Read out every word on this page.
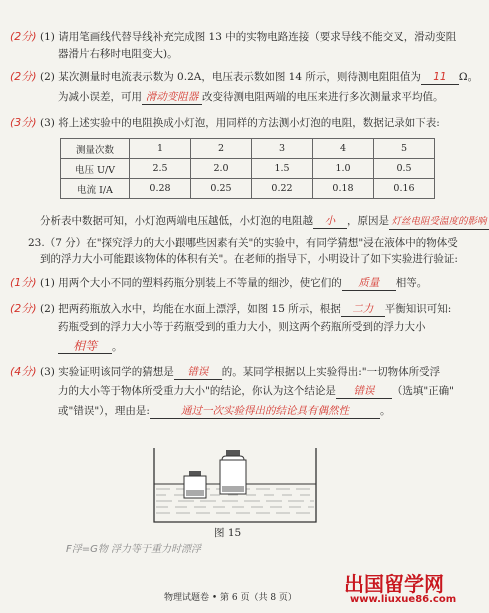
(2分) (1) 请用笔画线代替导线补充完成图 13 中的实物电路连接（要求导线不能交叉，滑动变阻
器滑片右移时电阻变大)。
(2分) (2) 某次测量时电流表示数为 0.2A，电压表示数如图 14 所示，则待测电阻阻值为 11 Ω。
为减小误差，可用 滑动变阻器 改变待测电阻两端的电压来进行多次测量求平均值。
(3分) (3) 将上述实验中的电阻换成小灯泡，用同样的方法测小灯泡的电阻，数据记录如下表:
测量次数	1	2	3	4	5
电压 U/V	2.5	2.0	1.5	1.0	0.5
电流 I/A	0.28	0.25	0.22	0.18	0.16
分析表中数据可知，小灯泡两端电压越低，小灯泡的电阻越 小 ，原因是 灯丝电阻受温度的影响
23.（7 分）在"探究浮力的大小跟哪些因素有关"的实验中，有同学猜想"浸在液体中的物体受
到的浮力大小可能跟该物体的体积有关"。在老师的指导下，小明设计了如下实验进行验证:
(1分) (1) 用两个大小不同的塑料药瓶分别装上不等量的细沙，使它们的 质量 相等。
(2分) (2) 把两药瓶放入水中，均能在水面上漂浮，如图 15 所示，根据 二力 平衡知识可知:
药瓶受到的浮力大小等于药瓶受到的重力大小，则这两个药瓶所受到的浮力大小
相等 。
(4分) (3) 实验证明该同学的猜想是 错误 的。某同学根据以上实验得出:"一切物体所受浮
力的大小等于物体所受重力大小"的结论，你认为这个结论是 错误 （选填"正确"
或"错误"），理由是:	通过一次实验得出的结论具有偶然性	。
图 15
F浮=G物 浮力等于重力时漂浮
物理试题卷 • 第 6 页（共 8 页）
出国留学网
www.liuxue86.com
